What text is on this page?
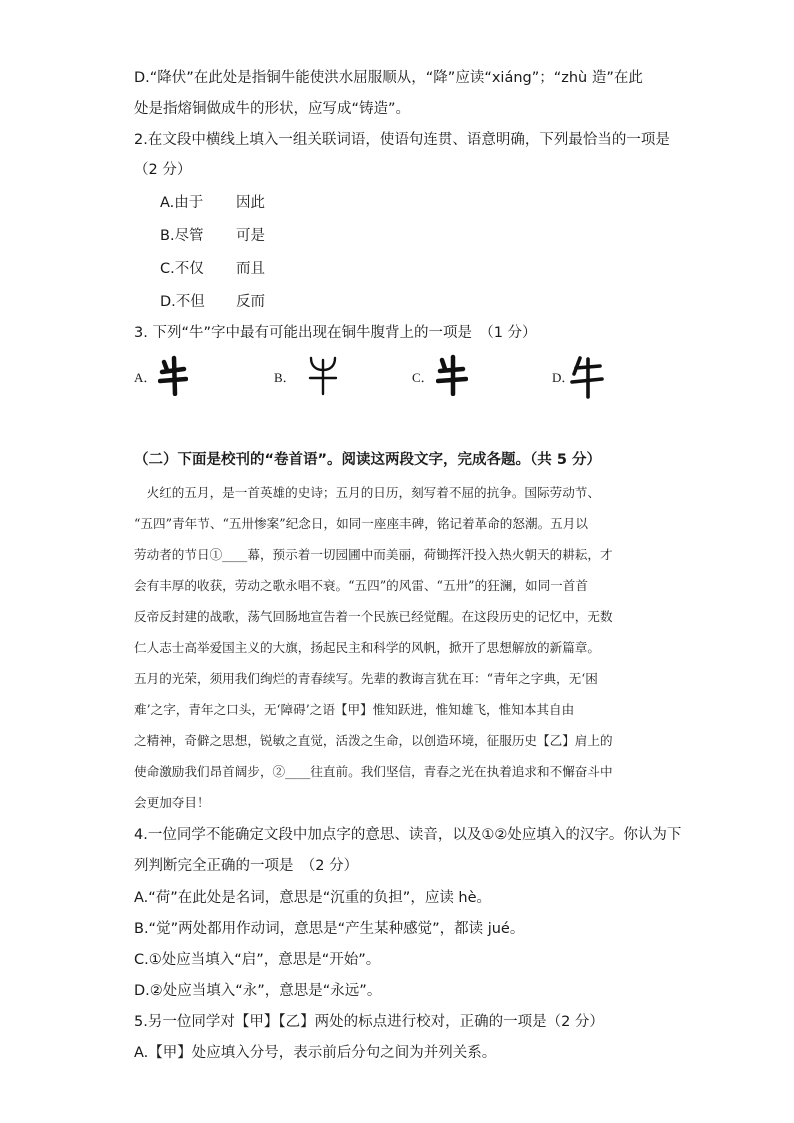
D.“降伏”在此处是指铜牛能使洪水屈服顺从，“降”应读“xiáng”；“zhù 造”在此
处是指熔铜做成牛的形状，应写成“铸造”。
2.在文段中横线上填入一组关联词语，使语句连贯、语意明确，下列最恰当的一项是
（2 分）
A.由于 因此
B.尽管 可是
C.不仅 而且
D.不但 反而
3. 下列“牛”字中最有可能出现在铜牛腹背上的一项是　（1 分）
A．	B．	C．	D．
（二）下面是校刊的“卷首语”。阅读这两段文字，完成各题。（共 5 分）
　火红的五月，是一首英雄的史诗；五月的日历，刻写着不屈的抗争。国际劳动节、
“五四”青年节、“五卅惨案”纪念日，如同一座座丰碑，铭记着革命的怒潮。五月以
劳动者的节日①____幕，预示着一切园圃中而美丽，荷锄挥汗投入热火朝天的耕耘，才
会有丰厚的收获，劳动之歌永唱不衰。“五四”的风雷、“五卅”的狂澜，如同一首首
反帝反封建的战歌，荡气回肠地宣告着一个民族已经觉醒。在这段历史的记忆中，无数
仁人志士高举爱国主义的大旗，扬起民主和科学的风帆，掀开了思想解放的新篇章。
五月的光荣，须用我们绚烂的青春续写。先辈的教诲言犹在耳：“青年之字典，无‘困
难’之字，青年之口头，无‘障碍’之语【甲】惟知跃进，惟知雄飞，惟知本其自由
之精神，奇僻之思想，锐敏之直觉，活泼之生命，以创造环境，征服历史【乙】肩上的
使命激励我们昂首阔步，②____往直前。我们坚信，青春之光在执着追求和不懈奋斗中
会更加夺目！
4.一位同学不能确定文段中加点字的意思、读音，以及①②处应填入的汉字。你认为下
列判断完全正确的一项是　（2 分）
A.“荷”在此处是名词，意思是“沉重的负担”，应读 hè。
B.“觉”两处都用作动词，意思是“产生某种感觉”，都读 jué。
C.①处应当填入“启”，意思是“开始”。
D.②处应当填入“永”，意思是“永远”。
5.另一位同学对【甲】【乙】两处的标点进行校对，正确的一项是（2 分）
A.【甲】处应填入分号，表示前后分句之间为并列关系。
